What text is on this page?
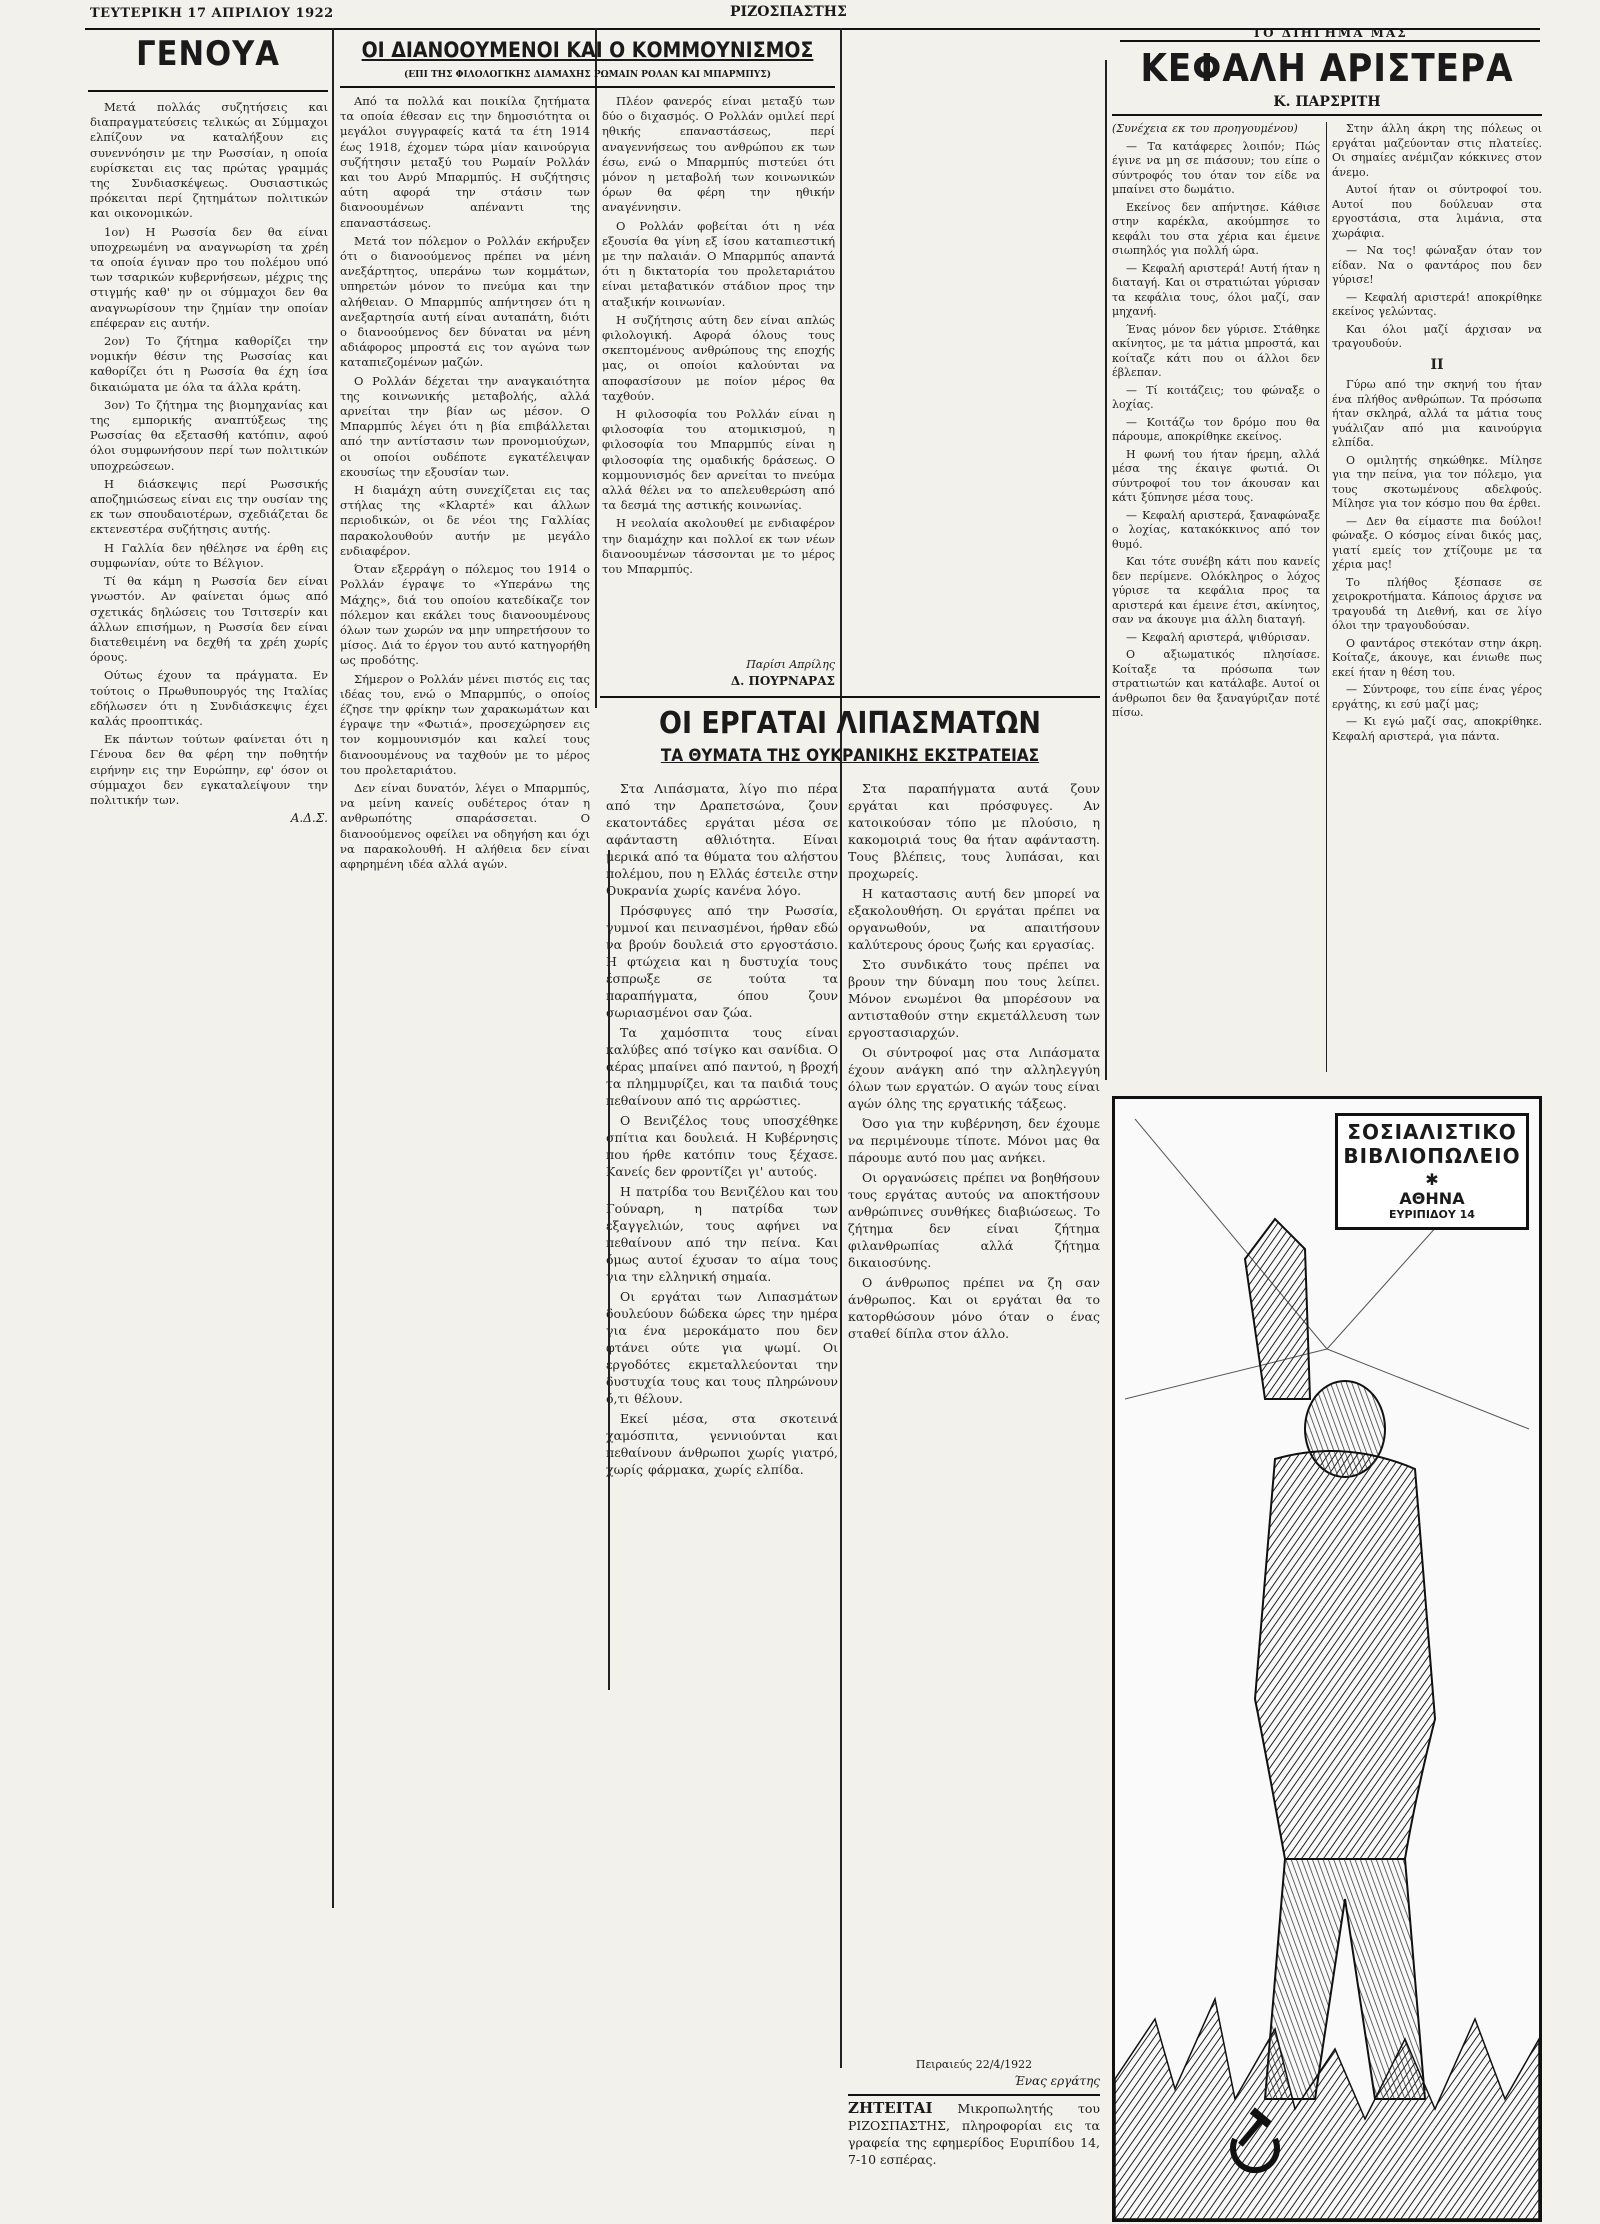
ΤΕΥΤΕΡΙΚΗ 17 ΑΠΡΙΛΙΟΥ 1922	ΡΙΖΟΣΠΑΣΤΗΣ
ΓΕΝΟΥΑ

Μετά πολλάς συζητήσεις και διαπραγματεύσεις τελικώς αι Σύμμαχοι ελπίζουν να καταλήξουν εις συνεννόησιν με την Ρωσσίαν, η οποία ευρίσκεται εις τας πρώτας γραμμάς της Συνδιασκέψεως. Ουσιαστικώς πρόκειται περί ζητημάτων πολιτικών και οικονομικών.

1ον) Η Ρωσσία δεν θα είναι υποχρεωμένη να αναγνωρίση τα χρέη τα οποία έγιναν προ του πολέμου υπό των τσαρικών κυβερνήσεων, μέχρις της στιγμής καθ' ην οι σύμμαχοι δεν θα αναγνωρίσουν την ζημίαν την οποίαν επέφεραν εις αυτήν.

2ον) Το ζήτημα καθορίζει την νομικήν θέσιν της Ρωσσίας και καθορίζει ότι η Ρωσσία θα έχη ίσα δικαιώματα με όλα τα άλλα κράτη.

3ον) Το ζήτημα της βιομηχανίας και της εμπορικής αναπτύξεως της Ρωσσίας θα εξετασθή κατόπιν, αφού όλοι συμφωνήσουν περί των πολιτικών υποχρεώσεων.

Η διάσκεψις περί Ρωσσικής αποζημιώσεως είναι εις την ουσίαν της εκ των σπουδαιοτέρων, σχεδιάζεται δε εκτενεστέρα συζήτησις αυτής.

Η Γαλλία δεν ηθέλησε να έρθη εις συμφωνίαν, ούτε το Βέλγιον.

Τί θα κάμη η Ρωσσία δεν είναι γνωστόν. Αν φαίνεται όμως από σχετικάς δηλώσεις του Τσιτσερίν και άλλων επισήμων, η Ρωσσία δεν είναι διατεθειμένη να δεχθή τα χρέη χωρίς όρους.

Ούτως έχουν τα πράγματα. Εν τούτοις ο Πρωθυπουργός της Ιταλίας εδήλωσεν ότι η Συνδιάσκεψις έχει καλάς προοπτικάς.

Εκ πάντων τούτων φαίνεται ότι η Γένουα δεν θα φέρη την ποθητήν ειρήνην εις την Ευρώπην, εφ' όσον οι σύμμαχοι δεν εγκαταλείψουν την πολιτικήν των.

Α.Δ.Σ.
ΟΙ ΔΙΑΝΟΟΥΜΕΝΟΙ ΚΑΙ Ο ΚΟΜΜΟΥΝΙΣΜΟΣ
(ΕΠΙ ΤΗΣ ΦΙΛΟΛΟΓΙΚΗΣ ΔΙΑΜΑΧΗΣ ΡΩΜΑΙΝ ΡΟΛΑΝ ΚΑΙ ΜΠΑΡΜΠΥΣ)

Από τα πολλά και ποικίλα ζητήματα τα οποία έθεσαν εις την δημοσιότητα οι μεγάλοι συγγραφείς κατά τα έτη 1914 έως 1918, έχομεν τώρα μίαν καινούργια συζήτησιν μεταξύ του Ρωμαίν Ρολλάν και του Ανρύ Μπαρμπύς. Η συζήτησις αύτη αφορά την στάσιν των διανοουμένων απέναντι της επαναστάσεως.

Μετά τον πόλεμον ο Ρολλάν εκήρυξεν ότι ο διανοούμενος πρέπει να μένη ανεξάρτητος, υπεράνω των κομμάτων, υπηρετών μόνον το πνεύμα και την αλήθειαν. Ο Μπαρμπύς απήντησεν ότι η ανεξαρτησία αυτή είναι αυταπάτη, διότι ο διανοούμενος δεν δύναται να μένη αδιάφορος μπροστά εις τον αγώνα των καταπιεζομένων μαζών.

Ο Ρολλάν δέχεται την αναγκαιότητα της κοινωνικής μεταβολής, αλλά αρνείται την βίαν ως μέσον. Ο Μπαρμπύς λέγει ότι η βία επιβάλλεται από την αντίστασιν των προνομιούχων, οι οποίοι ουδέποτε εγκατέλειψαν εκουσίως την εξουσίαν των.

Η διαμάχη αύτη συνεχίζεται εις τας στήλας της «Κλαρτέ» και άλλων περιοδικών, οι δε νέοι της Γαλλίας παρακολουθούν αυτήν με μεγάλο ενδιαφέρον.

Όταν εξερράγη ο πόλεμος του 1914 ο Ρολλάν έγραψε το «Υπεράνω της Μάχης», διά του οποίου κατεδίκαζε τον πόλεμον και εκάλει τους διανοουμένους όλων των χωρών να μην υπηρετήσουν το μίσος. Διά το έργον του αυτό κατηγορήθη ως προδότης.

Σήμερον ο Ρολλάν μένει πιστός εις τας ιδέας του, ενώ ο Μπαρμπύς, ο οποίος έζησε την φρίκην των χαρακωμάτων και έγραψε την «Φωτιά», προσεχώρησεν εις τον κομμουνισμόν και καλεί τους διανοουμένους να ταχθούν με το μέρος του προλεταριάτου.

Δεν είναι δυνατόν, λέγει ο Μπαρμπύς, να μείνη κανείς ουδέτερος όταν η ανθρωπότης σπαράσσεται. Ο διανοούμενος οφείλει να οδηγήση και όχι να παρακολουθή. Η αλήθεια δεν είναι αφηρημένη ιδέα αλλά αγών.

Πλέον φανερός είναι μεταξύ των δύο ο διχασμός. Ο Ρολλάν ομιλεί περί ηθικής επαναστάσεως, περί αναγεννήσεως του ανθρώπου εκ των έσω, ενώ ο Μπαρμπύς πιστεύει ότι μόνον η μεταβολή των κοινωνικών όρων θα φέρη την ηθικήν αναγέννησιν.

Ο Ρολλάν φοβείται ότι η νέα εξουσία θα γίνη εξ ίσου καταπιεστική με την παλαιάν. Ο Μπαρμπύς απαντά ότι η δικτατορία του προλεταριάτου είναι μεταβατικόν στάδιον προς την αταξικήν κοινωνίαν.

Η συζήτησις αύτη δεν είναι απλώς φιλολογική. Αφορά όλους τους σκεπτομένους ανθρώπους της εποχής μας, οι οποίοι καλούνται να αποφασίσουν με ποίον μέρος θα ταχθούν.

Η φιλοσοφία του Ρολλάν είναι η φιλοσοφία του ατομικισμού, η φιλοσοφία του Μπαρμπύς είναι η φιλοσοφία της ομαδικής δράσεως. Ο κομμουνισμός δεν αρνείται το πνεύμα αλλά θέλει να το απελευθερώση από τα δεσμά της αστικής κοινωνίας.

Η νεολαία ακολουθεί με ενδιαφέρον την διαμάχην και πολλοί εκ των νέων διανοουμένων τάσσονται με το μέρος του Μπαρμπύς.

Παρίσι Απρίλης
Δ. ΠΟΥΡΝΑΡΑΣ
ΟΙ ΕΡΓΑΤΑΙ ΛΙΠΑΣΜΑΤΩΝ
ΤΑ ΘΥΜΑΤΑ ΤΗΣ ΟΥΚΡΑΝΙΚΗΣ ΕΚΣΤΡΑΤΕΙΑΣ

Στα Λιπάσματα, λίγο πιο πέρα από την Δραπετσώνα, ζουν εκατοντάδες εργάται μέσα σε αφάνταστη αθλιότητα. Είναι μερικά από τα θύματα του αλήστου πολέμου, που η Ελλάς έστειλε στην Ουκρανία χωρίς κανένα λόγο.

Πρόσφυγες από την Ρωσσία, γυμνοί και πεινασμένοι, ήρθαν εδώ να βρούν δουλειά στο εργοστάσιο. Η φτώχεια και η δυστυχία τους έσπρωξε σε τούτα τα παραπήγματα, όπου ζουν σωριασμένοι σαν ζώα.

Τα χαμόσπιτα τους είναι καλύβες από τσίγκο και σανίδια. Ο αέρας μπαίνει από παντού, η βροχή τα πλημμυρίζει, και τα παιδιά τους πεθαίνουν από τις αρρώστιες.

Ο Βενιζέλος τους υποσχέθηκε σπίτια και δουλειά. Η Κυβέρνησις που ήρθε κατόπιν τους ξέχασε. Κανείς δεν φροντίζει γι' αυτούς.

Η πατρίδα του Βενιζέλου και του Γούναρη, η πατρίδα των εξαγγελιών, τους αφήνει να πεθαίνουν από την πείνα. Και όμως αυτοί έχυσαν το αίμα τους για την ελληνική σημαία.

Οι εργάται των Λιπασμάτων δουλεύουν δώδεκα ώρες την ημέρα για ένα μεροκάματο που δεν φτάνει ούτε για ψωμί. Οι εργοδότες εκμεταλλεύονται την δυστυχία τους και τους πληρώνουν ό,τι θέλουν.

Εκεί μέσα, στα σκοτεινά χαμόσπιτα, γεννιούνται και πεθαίνουν άνθρωποι χωρίς γιατρό, χωρίς φάρμακα, χωρίς ελπίδα.

Στα παραπήγματα αυτά ζουν εργάται και πρόσφυγες. Αν κατοικούσαν τόπο με πλούσιο, η κακομοιριά τους θα ήταν αφάνταστη. Τους βλέπεις, τους λυπάσαι, και προχωρείς.

Η καταστασις αυτή δεν μπορεί να εξακολουθήση. Οι εργάται πρέπει να οργανωθούν, να απαιτήσουν καλύτερους όρους ζωής και εργασίας.

Στο συνδικάτο τους πρέπει να βρουν την δύναμη που τους λείπει. Μόνον ενωμένοι θα μπορέσουν να αντισταθούν στην εκμετάλλευση των εργοστασιαρχών.

Οι σύντροφοί μας στα Λιπάσματα έχουν ανάγκη από την αλληλεγγύη όλων των εργατών. Ο αγών τους είναι αγών όλης της εργατικής τάξεως.

Όσο για την κυβέρνηση, δεν έχουμε να περιμένουμε τίποτε. Μόνοι μας θα πάρουμε αυτό που μας ανήκει.

Οι οργανώσεις πρέπει να βοηθήσουν τους εργάτας αυτούς να αποκτήσουν ανθρώπινες συνθήκες διαβιώσεως. Το ζήτημα δεν είναι ζήτημα φιλανθρωπίας αλλά ζήτημα δικαιοσύνης.

Ο άνθρωπος πρέπει να ζη σαν άνθρωπος. Και οι εργάται θα το κατορθώσουν μόνο όταν ο ένας σταθεί δίπλα στον άλλο.

Πειραιεύς 22/4/1922
Ένας εργάτης
ΖΗΤΕΙΤΑΙ Μικροπωλητής του ΡΙΖΟΣΠΑΣΤΗΣ, πληροφορίαι εις τα γραφεία της εφημερίδος Ευριπίδου 14, 7-10 εσπέρας.
ΤΟ ΔΙΗΓΗΜΑ ΜΑΣ
ΚΕΦΑΛΗ ΑΡΙΣΤΕΡΑ
Κ. ΠΑΡΣΡΙΤΗ

(Συνέχεια εκ του προηγουμένου)

— Τα κατάφερες λοιπόν; Πώς έγινε να μη σε πιάσουν; του είπε ο σύντροφός του όταν τον είδε να μπαίνει στο δωμάτιο.

Εκείνος δεν απήντησε. Κάθισε στην καρέκλα, ακούμπησε το κεφάλι του στα χέρια και έμεινε σιωπηλός για πολλή ώρα.

— Κεφαλή αριστερά! Αυτή ήταν η διαταγή. Και οι στρατιώται γύρισαν τα κεφάλια τους, όλοι μαζί, σαν μηχανή.

Ένας μόνον δεν γύρισε. Στάθηκε ακίνητος, με τα μάτια μπροστά, και κοίταζε κάτι που οι άλλοι δεν έβλεπαν.

— Τί κοιτάζεις; του φώναξε ο λοχίας.

— Κοιτάζω τον δρόμο που θα πάρουμε, αποκρίθηκε εκείνος.

Η φωνή του ήταν ήρεμη, αλλά μέσα της έκαιγε φωτιά. Οι σύντροφοί του τον άκουσαν και κάτι ξύπνησε μέσα τους.

— Κεφαλή αριστερά, ξαναφώναξε ο λοχίας, κατακόκκινος από τον θυμό.

Και τότε συνέβη κάτι που κανείς δεν περίμενε. Ολόκληρος ο λόχος γύρισε τα κεφάλια προς τα αριστερά και έμεινε έτσι, ακίνητος, σαν να άκουγε μια άλλη διαταγή.

— Κεφαλή αριστερά, ψιθύρισαν.

Ο αξιωματικός πλησίασε. Κοίταξε τα πρόσωπα των στρατιωτών και κατάλαβε. Αυτοί οι άνθρωποι δεν θα ξαναγύριζαν ποτέ πίσω.

Στην άλλη άκρη της πόλεως οι εργάται μαζεύονταν στις πλατείες. Οι σημαίες ανέμιζαν κόκκινες στον άνεμο.

Αυτοί ήταν οι σύντροφοί του. Αυτοί που δούλευαν στα εργοστάσια, στα λιμάνια, στα χωράφια.

— Να τος! φώναξαν όταν τον είδαν. Να ο φαντάρος που δεν γύρισε!

— Κεφαλή αριστερά! αποκρίθηκε εκείνος γελώντας.

Και όλοι μαζί άρχισαν να τραγουδούν.

ΙΙ

Γύρω από την σκηνή του ήταν ένα πλήθος ανθρώπων. Τα πρόσωπα ήταν σκληρά, αλλά τα μάτια τους γυάλιζαν από μια καινούργια ελπίδα.

Ο ομιλητής σηκώθηκε. Μίλησε για την πείνα, για τον πόλεμο, για τους σκοτωμένους αδελφούς. Μίλησε για τον κόσμο που θα έρθει.

— Δεν θα είμαστε πια δούλοι! φώναξε. Ο κόσμος είναι δικός μας, γιατί εμείς τον χτίζουμε με τα χέρια μας!

Το πλήθος ξέσπασε σε χειροκροτήματα. Κάποιος άρχισε να τραγουδά τη Διεθνή, και σε λίγο όλοι την τραγουδούσαν.

Ο φαντάρος στεκόταν στην άκρη. Κοίταζε, άκουγε, και ένιωθε πως εκεί ήταν η θέση του.

— Σύντροφε, του είπε ένας γέρος εργάτης, κι εσύ μαζί μας;

— Κι εγώ μαζί σας, αποκρίθηκε. Κεφαλή αριστερά, για πάντα.

ΣΟΣΙΑΛΙΣΤΙΚΟ
ΒΙΒΛΙΟΠΩΛΕΙΟ
✱
ΑΘΗΝΑ
ΕΥΡΙΠΙΔΟΥ 14
